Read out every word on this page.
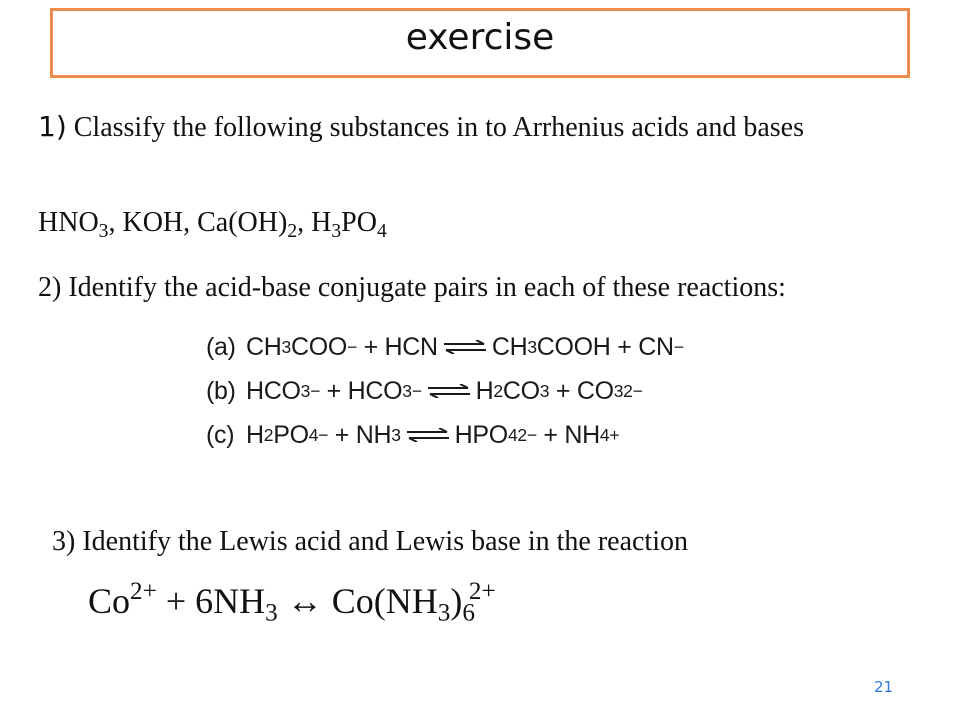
exercise

1) Classify the following substances in to Arrhenius acids and bases

$HNO_3$, KOH, $Ca(OH)_2$, $H_3PO_4$

2) Identify the acid-base conjugate pairs in each of these reactions:

(a) CH 3 COO −
+
HCN ⇌ CH 3 COOH
+
CN −
(b) HCO 3 −
+
HCO 3 − ⇌ H 2 CO 3
+
CO 3 2−
(c) H 2 PO 4 −
+
NH 3 ⇌ HPO 4 2−
+
NH 4 +
3) Identify the Lewis acid and Lewis base in the reaction
$Co^{2+} + 6NH_3$ ↔ $Co(NH_3)_6^{2+}$
21
